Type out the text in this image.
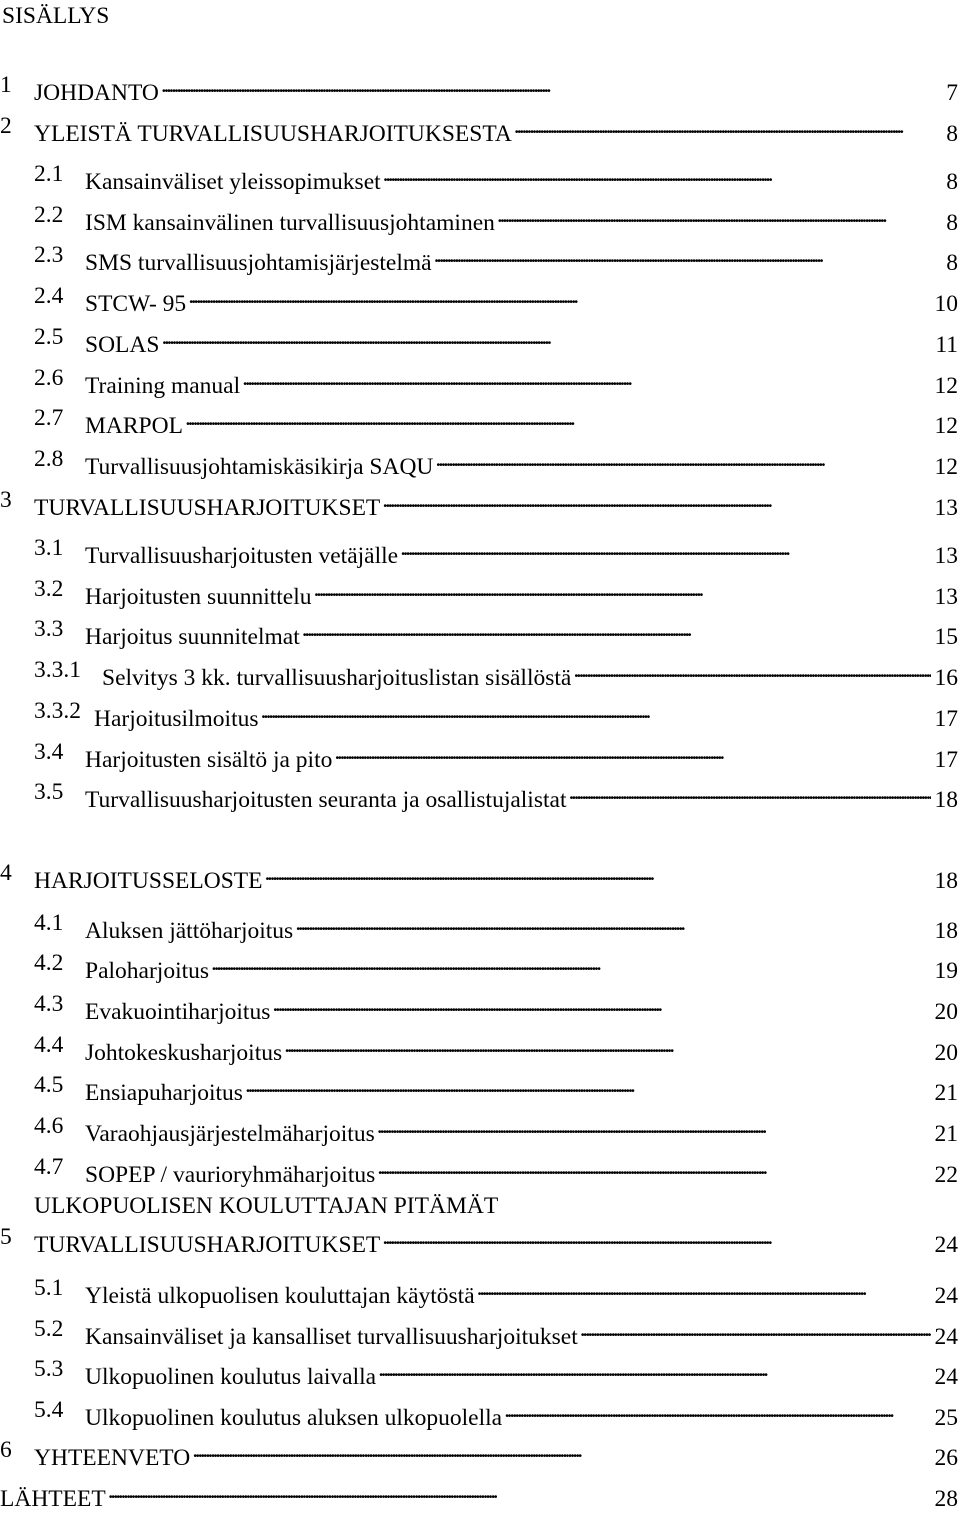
SISÄLLYS
1 JOHDANTO . . .	7
2 YLEISTÄ TURVALLISUUSHARJOITUKSESTA . . .	8
2.1 Kansainväliset yleissopimukset . . .	8
2.2 ISM kansainvälinen turvallisuusjohtaminen . . .	8
2.3 SMS turvallisuusjohtamisjärjestelmä . . .	8
2.4 STCW- 95 . . .	10
2.5 SOLAS . . .	11
2.6 Training manual . . .	12
2.7 MARPOL . . .	12
2.8 Turvallisuusjohtamiskäsikirja SAQU . . .	12
3 TURVALLISUUSHARJOITUKSET . . .	13
3.1 Turvallisuusharjoitusten vetäjälle . . .	13
3.2 Harjoitusten suunnittelu . . .	13
3.3 Harjoitus suunnitelmat . . .	15
3.3.1 Selvitys 3 kk. turvallisuusharjoituslistan sisällöstä . . .	16
3.3.2 Harjoitusilmoitus . . .	17
3.4 Harjoitusten sisältö ja pito . . .	17
3.5 Turvallisuusharjoitusten seuranta ja osallistujalistat . . .	18
4 HARJOITUSSELOSTE . . .	18
4.1 Aluksen jättöharjoitus . . .	18
4.2 Paloharjoitus . . .	19
4.3 Evakuointiharjoitus . . .	20
4.4 Johtokeskusharjoitus . . .	20
4.5 Ensiapuharjoitus . . .	21
4.6 Varaohjausjärjestelmäharjoitus . . .	21
4.7 SOPEP / vaurioryhmäharjoitus . . .	22
5
ULKOPUOLISEN KOULUTTAJAN PITÄMÄT
TURVALLISUUSHARJOITUKSET . . .	24
5.1 Yleistä ulkopuolisen kouluttajan käytöstä . . .	24
5.2 Kansainväliset ja kansalliset turvallisuusharjoitukset . . .	24
5.3 Ulkopuolinen koulutus laivalla . . .	24
5.4 Ulkopuolinen koulutus aluksen ulkopuolella . . .	25
6 YHTEENVETO . . .	26
LÄHTEET . . .	28
